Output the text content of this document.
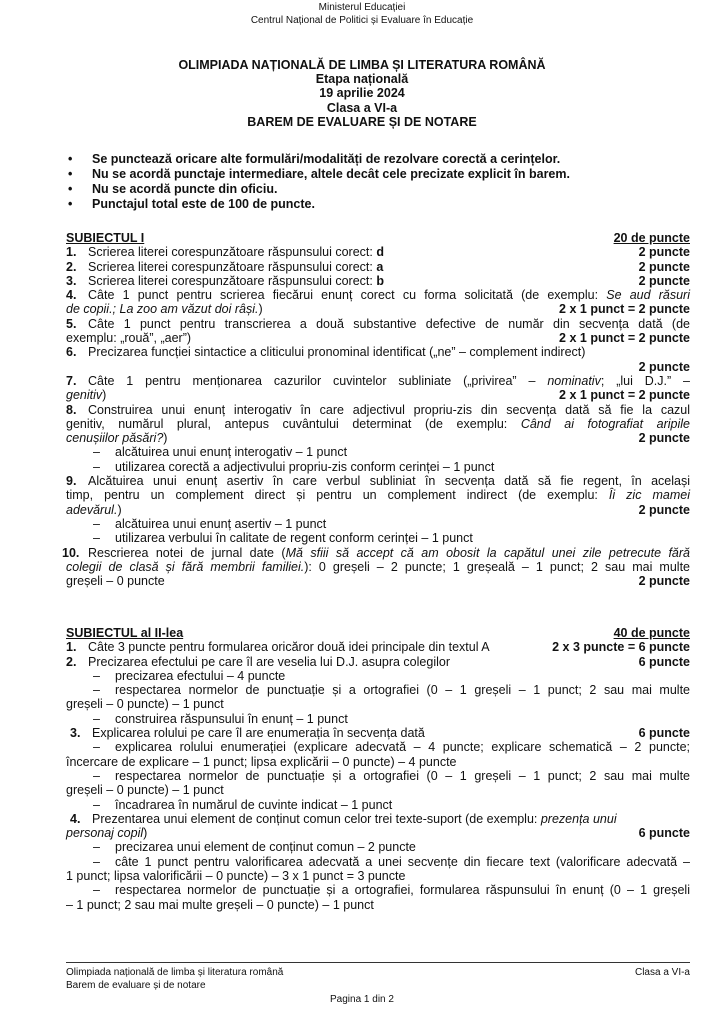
Ministerul Educației
Centrul Național de Politici și Evaluare în Educație
OLIMPIADA NAȚIONALĂ DE LIMBA ȘI LITERATURA ROMÂNĂ
Etapa națională
19 aprilie 2024
Clasa a VI-a
BAREM DE EVALUARE ȘI DE NOTARE
• Se punctează oricare alte formulări/modalități de rezolvare corectă a cerințelor.
• Nu se acordă punctaje intermediare, altele decât cele precizate explicit în barem.
• Nu se acordă puncte din oficiu.
• Punctajul total este de 100 de puncte.
SUBIECTUL I	20 de puncte
1. Scrierea literei corespunzătoare răspunsului corect: d	2 puncte
2. Scrierea literei corespunzătoare răspunsului corect: a	2 puncte
3. Scrierea literei corespunzătoare răspunsului corect: b	2 puncte
4. Câte 1 punct pentru scrierea fiecărui enunț corect cu forma solicitată (de exemplu: Se aud răsuri
de copii.; La zoo am văzut doi râși.)	2 x 1 punct = 2 puncte
5. Câte 1 punct pentru transcrierea a două substantive defective de număr din secvența dată (de
exemplu: „rouă”, „aer”)	2 x 1 punct = 2 puncte
6. Precizarea funcției sintactice a cliticului pronominal identificat („ne” – complement indirect)
2 puncte
7. Câte 1 pentru menționarea cazurilor cuvintelor subliniate („privirea” – nominativ; „lui D.J.” –
genitiv)	2 x 1 punct = 2 puncte
8. Construirea unui enunț interogativ în care adjectivul propriu-zis din secvența dată să fie la cazul
genitiv, numărul plural, antepus cuvântului determinat (de exemplu: Când ai fotografiat aripile
cenușiilor păsări?)	2 puncte
– alcătuirea unui enunț interogativ – 1 punct
– utilizarea corectă a adjectivului propriu-zis conform cerinței – 1 punct
9. Alcătuirea unui enunț asertiv în care verbul subliniat în secvența dată să fie regent, în același
timp, pentru un complement direct și pentru un complement indirect (de exemplu: Îi zic mamei
adevărul.)	2 puncte
– alcătuirea unui enunț asertiv – 1 punct
– utilizarea verbului în calitate de regent conform cerinței – 1 punct
10. Rescrierea notei de jurnal date (Mă sfiii să accept că am obosit la capătul unei zile petrecute fără
colegii de clasă și fără membrii familiei.): 0 greșeli – 2 puncte; 1 greșeală – 1 punct; 2 sau mai multe
greșeli – 0 puncte	2 puncte
SUBIECTUL al II-lea	40 de puncte
1. Câte 3 puncte pentru formularea oricăror două idei principale din textul A	2 x 3 puncte = 6 puncte
2. Precizarea efectului pe care îl are veselia lui D.J. asupra colegilor	6 puncte
– precizarea efectului – 4 puncte
– respectarea normelor de punctuație și a ortografiei (0 – 1 greșeli – 1 punct; 2 sau mai multe
greșeli – 0 puncte) – 1 punct
– construirea răspunsului în enunț – 1 punct
3. Explicarea rolului pe care îl are enumerația în secvența dată	6 puncte
– explicarea rolului enumerației (explicare adecvată – 4 puncte; explicare schematică – 2 puncte;
încercare de explicare – 1 punct; lipsa explicării – 0 puncte) – 4 puncte
– respectarea normelor de punctuație și a ortografiei (0 – 1 greșeli – 1 punct; 2 sau mai multe
greșeli – 0 puncte) – 1 punct
– încadrarea în numărul de cuvinte indicat – 1 punct
4. Prezentarea unui element de conținut comun celor trei texte-suport (de exemplu: prezența unui
personaj copil)	6 puncte
– precizarea unui element de conținut comun – 2 puncte
– câte 1 punct pentru valorificarea adecvată a unei secvențe din fiecare text (valorificare adecvată –
1 punct; lipsa valorificării – 0 puncte) – 3 x 1 punct = 3 puncte
– respectarea normelor de punctuație și a ortografiei, formularea răspunsului în enunț (0 – 1 greșeli
– 1 punct; 2 sau mai multe greșeli – 0 puncte) – 1 punct
Olimpiada națională de limba și literatura română	Clasa a VI-a
Barem de evaluare și de notare
Pagina 1 din 2
